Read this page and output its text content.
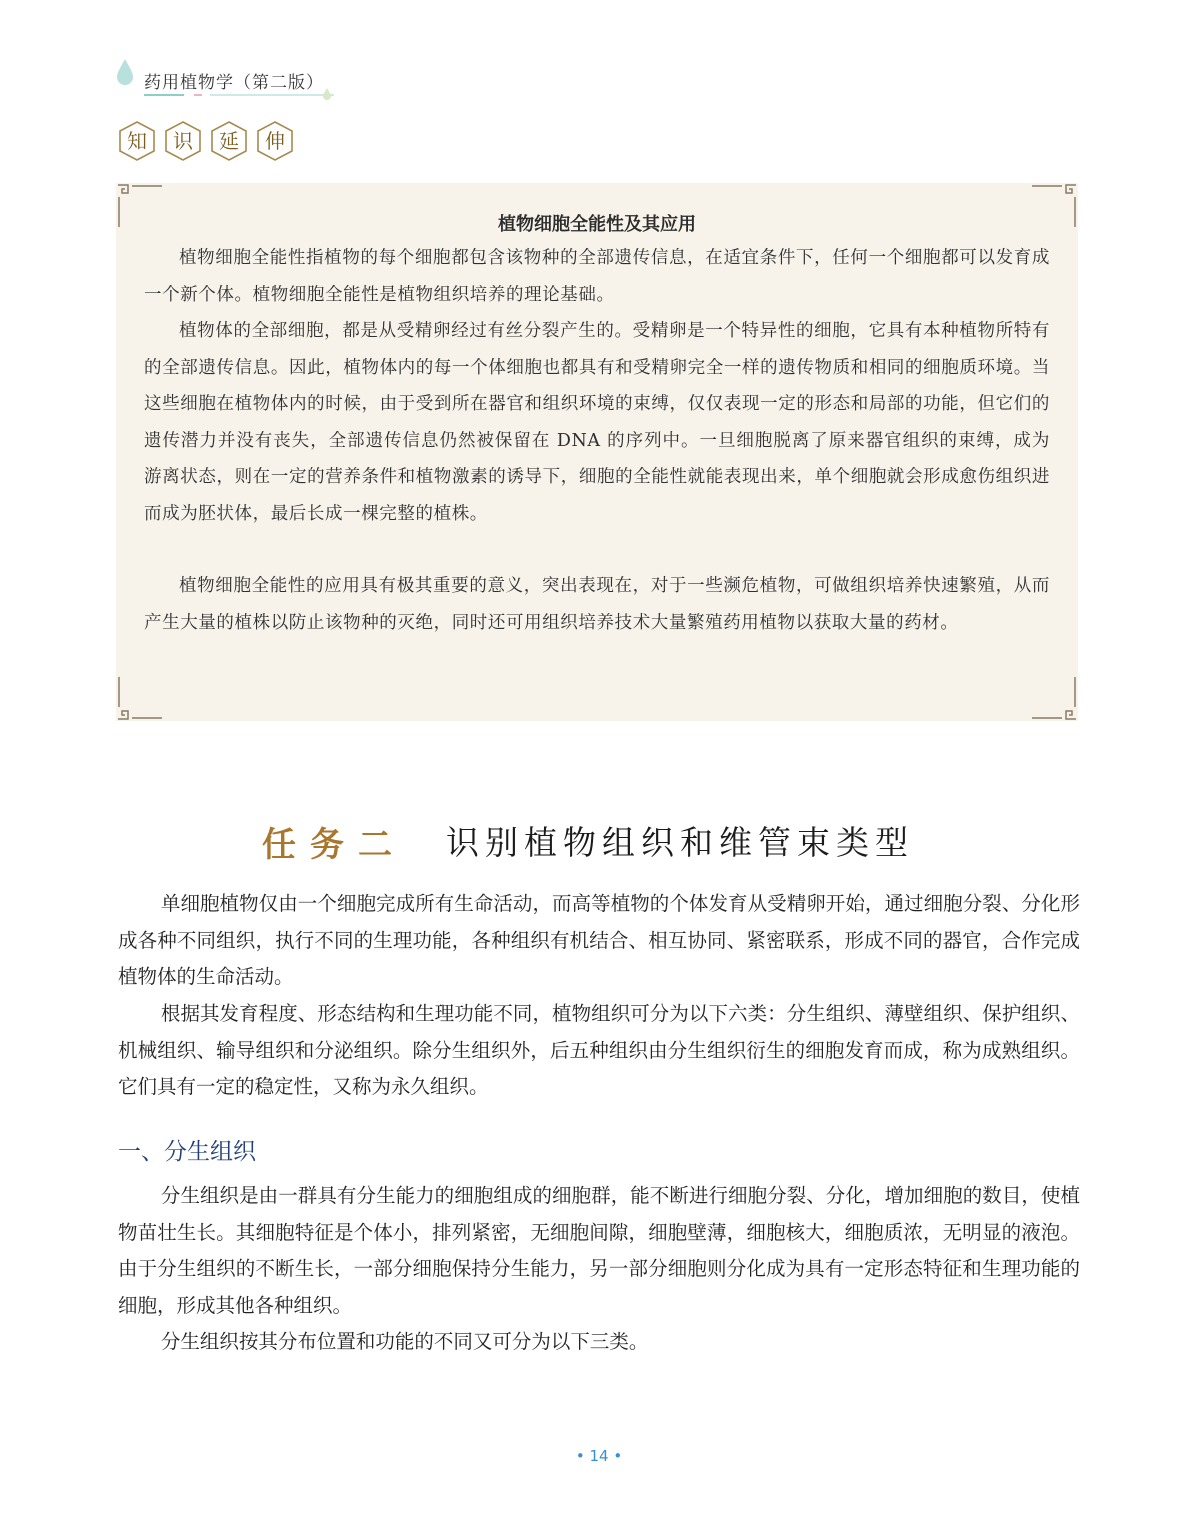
药用植物学（第二版）
知	识	延	伸
植物细胞全能性及其应用

植物细胞全能性指植物的每个细胞都包含该物种的全部遗传信息，在适宜条件下，任何一个细胞都可以发育成一个新个体。植物细胞全能性是植物组织培养的理论基础。

植物体的全部细胞，都是从受精卵经过有丝分裂产生的。受精卵是一个特异性的细胞，它具有本种植物所特有的全部遗传信息。因此，植物体内的每一个体细胞也都具有和受精卵完全一样的遗传物质和相同的细胞质环境。当这些细胞在植物体内的时候，由于受到所在器官和组织环境的束缚，仅仅表现一定的形态和局部的功能，但它们的遗传潜力并没有丧失，全部遗传信息仍然被保留在 DNA 的序列中。一旦细胞脱离了原来器官组织的束缚，成为游离状态，则在一定的营养条件和植物激素的诱导下，细胞的全能性就能表现出来，单个细胞就会形成愈伤组织进而成为胚状体，最后长成一棵完整的植株。

植物细胞全能性的应用具有极其重要的意义，突出表现在，对于一些濒危植物，可做组织培养快速繁殖，从而产生大量的植株以防止该物种的灭绝，同时还可用组织培养技术大量繁殖药用植物以获取大量的药材。

任务二 识别植物组织和维管束类型

单细胞植物仅由一个细胞完成所有生命活动，而高等植物的个体发育从受精卵开始，通过细胞分裂、分化形成各种不同组织，执行不同的生理功能，各种组织有机结合、相互协同、紧密联系，形成不同的器官，合作完成植物体的生命活动。

根据其发育程度、形态结构和生理功能不同，植物组织可分为以下六类：分生组织、薄壁组织、保护组织、机械组织、输导组织和分泌组织。除分生组织外，后五种组织由分生组织衍生的细胞发育而成，称为成熟组织。它们具有一定的稳定性，又称为永久组织。

一、分生组织

分生组织是由一群具有分生能力的细胞组成的细胞群，能不断进行细胞分裂、分化，增加细胞的数目，使植物苗壮生长。其细胞特征是个体小，排列紧密，无细胞间隙，细胞壁薄，细胞核大，细胞质浓，无明显的液泡。由于分生组织的不断生长，一部分细胞保持分生能力，另一部分细胞则分化成为具有一定形态特征和生理功能的细胞，形成其他各种组织。

分生组织按其分布位置和功能的不同又可分为以下三类。

• 14 •
